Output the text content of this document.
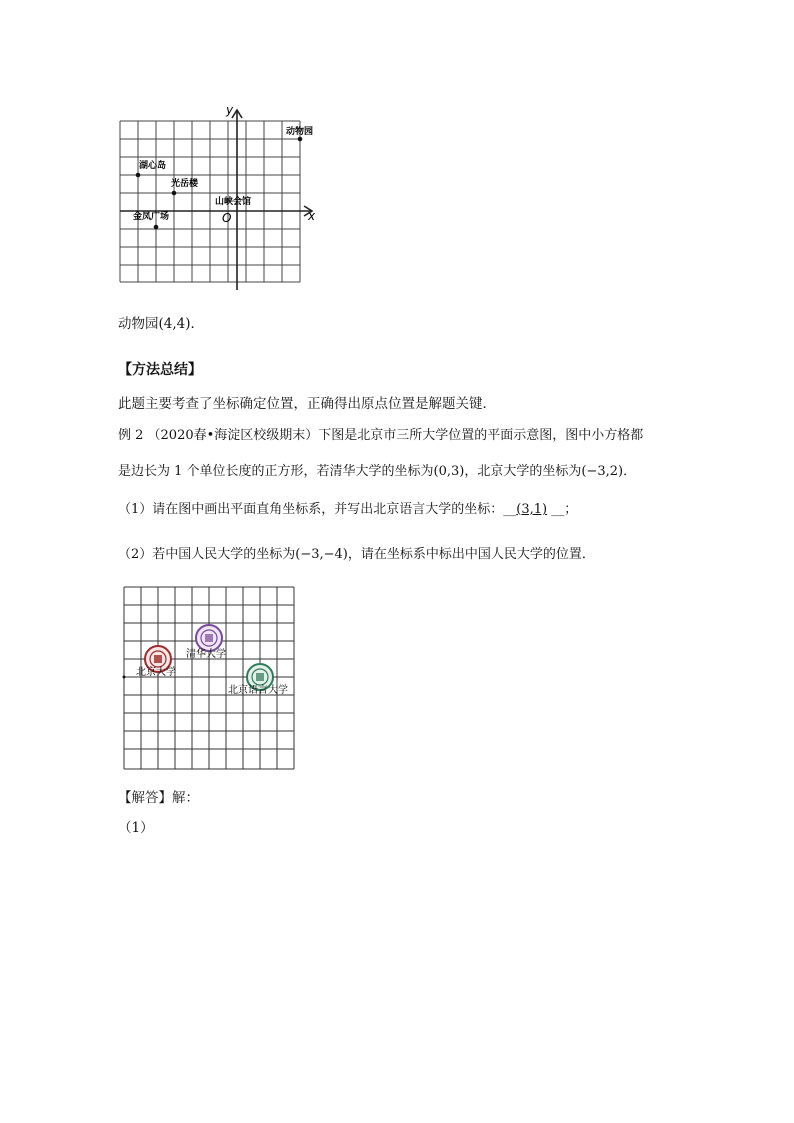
y
x
O
动物园
湖心岛
光岳楼
山峡会馆
金凤广场
动物园(4,4)．
【方法总结】
此题主要考查了坐标确定位置，正确得出原点位置是解题关键．
例 2 （2020春•海淀区校级期末）下图是北京市三所大学位置的平面示意图，图中小方格都
是边长为 1 个单位长度的正方形，若清华大学的坐标为(0,3)，北京大学的坐标为(−3,2)．
（1）请在图中画出平面直角坐标系，并写出北京语言大学的坐标：__(3,1) __；
（2）若中国人民大学的坐标为(−3,−4)，请在坐标系中标出中国人民大学的位置．
清华大学
北京大学
北京语言大学
【解答】解：
（1）
